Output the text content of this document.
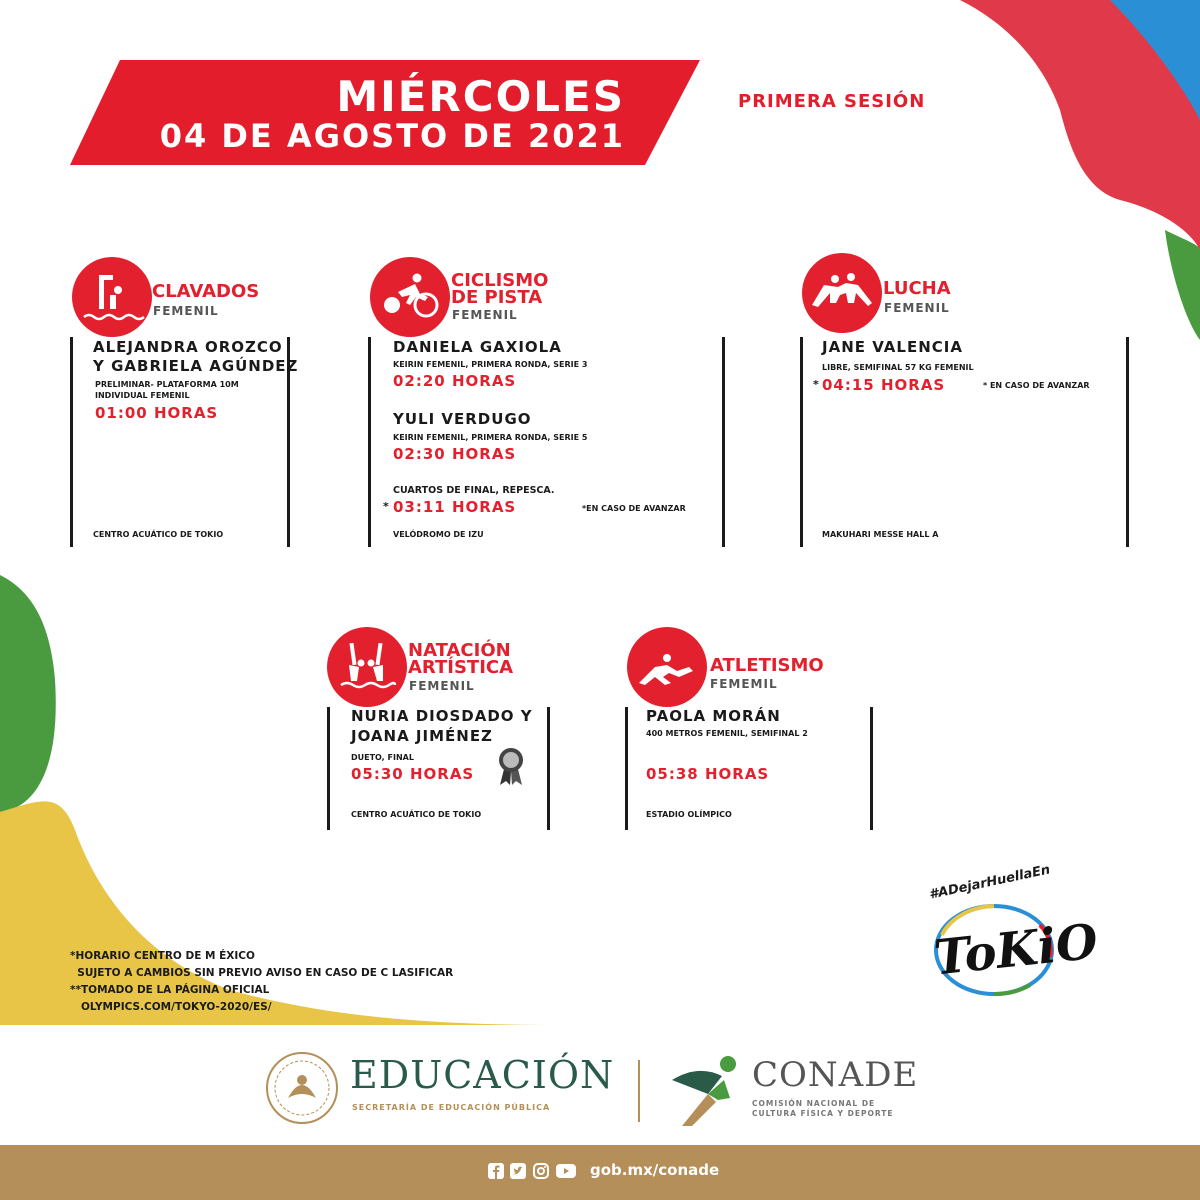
MIÉRCOLES
04 DE AGOSTO DE 2021
PRIMERA SESIÓN
CLAVADOS
FEMENIL
ALEJANDRA OROZCO
Y GABRIELA AGÚNDEZ
PRELIMINAR- PLATAFORMA 10M
INDIVIDUAL FEMENIL
01:00 HORAS
CENTRO ACUÁTICO DE TOKIO
CICLISMO
DE PISTA
FEMENIL
DANIELA GAXIOLA
KEIRIN FEMENIL, PRIMERA RONDA, SERIE 3
02:20 HORAS
YULI VERDUGO
KEIRIN FEMENIL, PRIMERA RONDA, SERIE 5
02:30 HORAS
CUARTOS DE FINAL, REPESCA.
* 03:11 HORAS	*EN CASO DE AVANZAR
VELÓDROMO DE IZU
LUCHA
FEMENIL
JANE VALENCIA
LIBRE, SEMIFINAL 57 KG FEMENIL
* 04:15 HORAS	* EN CASO DE AVANZAR
MAKUHARI MESSE HALL A
NATACIÓN
ARTÍSTICA
FEMENIL
NURIA DIOSDADO Y
JOANA JIMÉNEZ
DUETO, FINAL
05:30 HORAS
CENTRO ACUÁTICO DE TOKIO
ATLETISMO
FEMEMIL
PAOLA MORÁN
400 METROS FEMENIL, SEMIFINAL 2
05:38 HORAS
ESTADIO OLÍMPICO
#ADejarHuellaEn
ToKiO
*HORARIO CENTRO DE M ÉXICO
SUJETO A CAMBIOS SIN PREVIO AVISO EN CASO DE C LASIFICAR
**TOMADO DE LA PÁGINA OFICIAL
OLYMPICS.COM/TOKYO-2020/ES/
EDUCACIÓN
SECRETARÍA DE EDUCACIÓN PÚBLICA
CONADE
COMISIÓN NACIONAL DE
CULTURA FÍSICA Y DEPORTE
gob.mx/conade
